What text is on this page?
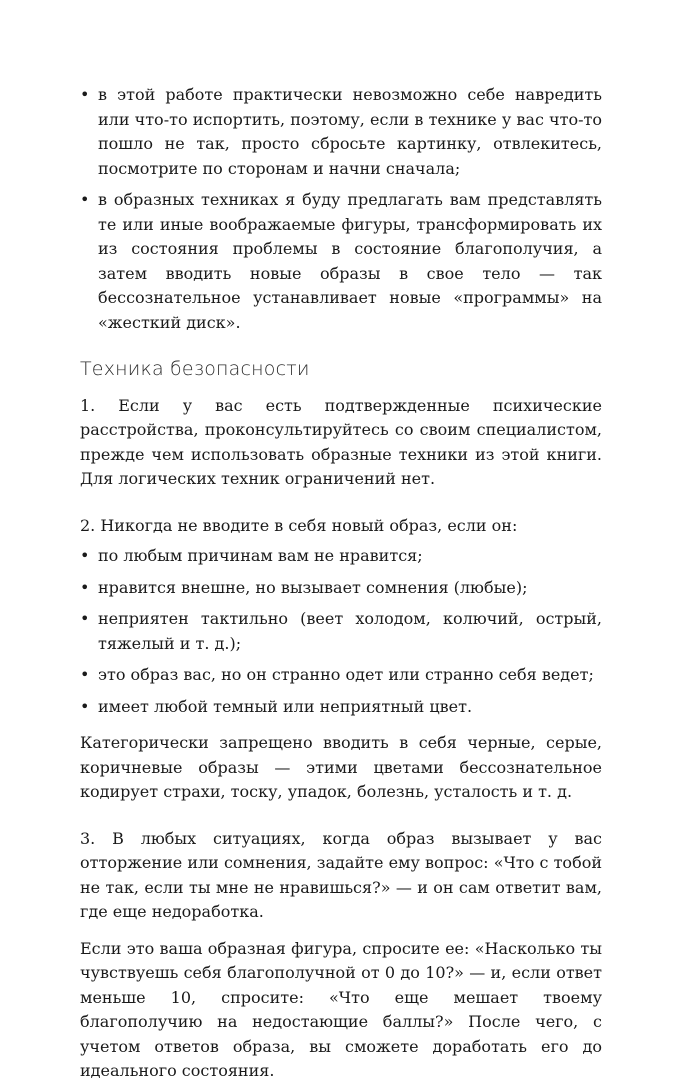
• в этой работе практически невозможно себе навредить или что-то испортить, поэтому, если в технике у вас что-то пошло не так, просто сбросьте картинку, отвлекитесь, посмотрите по сторонам и начни сначала;
• в образных техниках я буду предлагать вам представлять те или иные воображаемые фигуры, трансформировать их из состояния проблемы в состояние благополучия, а затем вводить новые образы в свое тело — так бессознательное устанавливает новые «программы» на «жесткий диск».
Техника безопасности

1. Если у вас есть подтвержденные психические расстройства, проконсультируйтесь со своим специалистом, прежде чем использовать образные техники из этой книги. Для логических техник ограничений нет.

2. Никогда не вводите в себя новый образ, если он:

• по любым причинам вам не нравится;
• нравится внешне, но вызывает сомнения (любые);
• неприятен тактильно (веет холодом, колючий, острый, тяжелый и т. д.);
• это образ вас, но он странно одет или странно себя ведет;
• имеет любой темный или неприятный цвет.

Категорически запрещено вводить в себя черные, серые, коричневые образы — этими цветами бессознательное кодирует страхи, тоску, упадок, болезнь, усталость и т. д.

3. В любых ситуациях, когда образ вызывает у вас отторжение или сомнения, задайте ему вопрос: «Что с тобой не так, если ты мне не нравишься?» — и он сам ответит вам, где еще недоработка.

Если это ваша образная фигура, спросите ее: «Насколько ты чувствуешь себя благополучной от 0 до 10?» — и, если ответ меньше 10, спросите: «Что еще мешает твоему благополучию на недостающие баллы?» После чего, с учетом ответов образа, вы сможете доработать его до идеального состояния.
